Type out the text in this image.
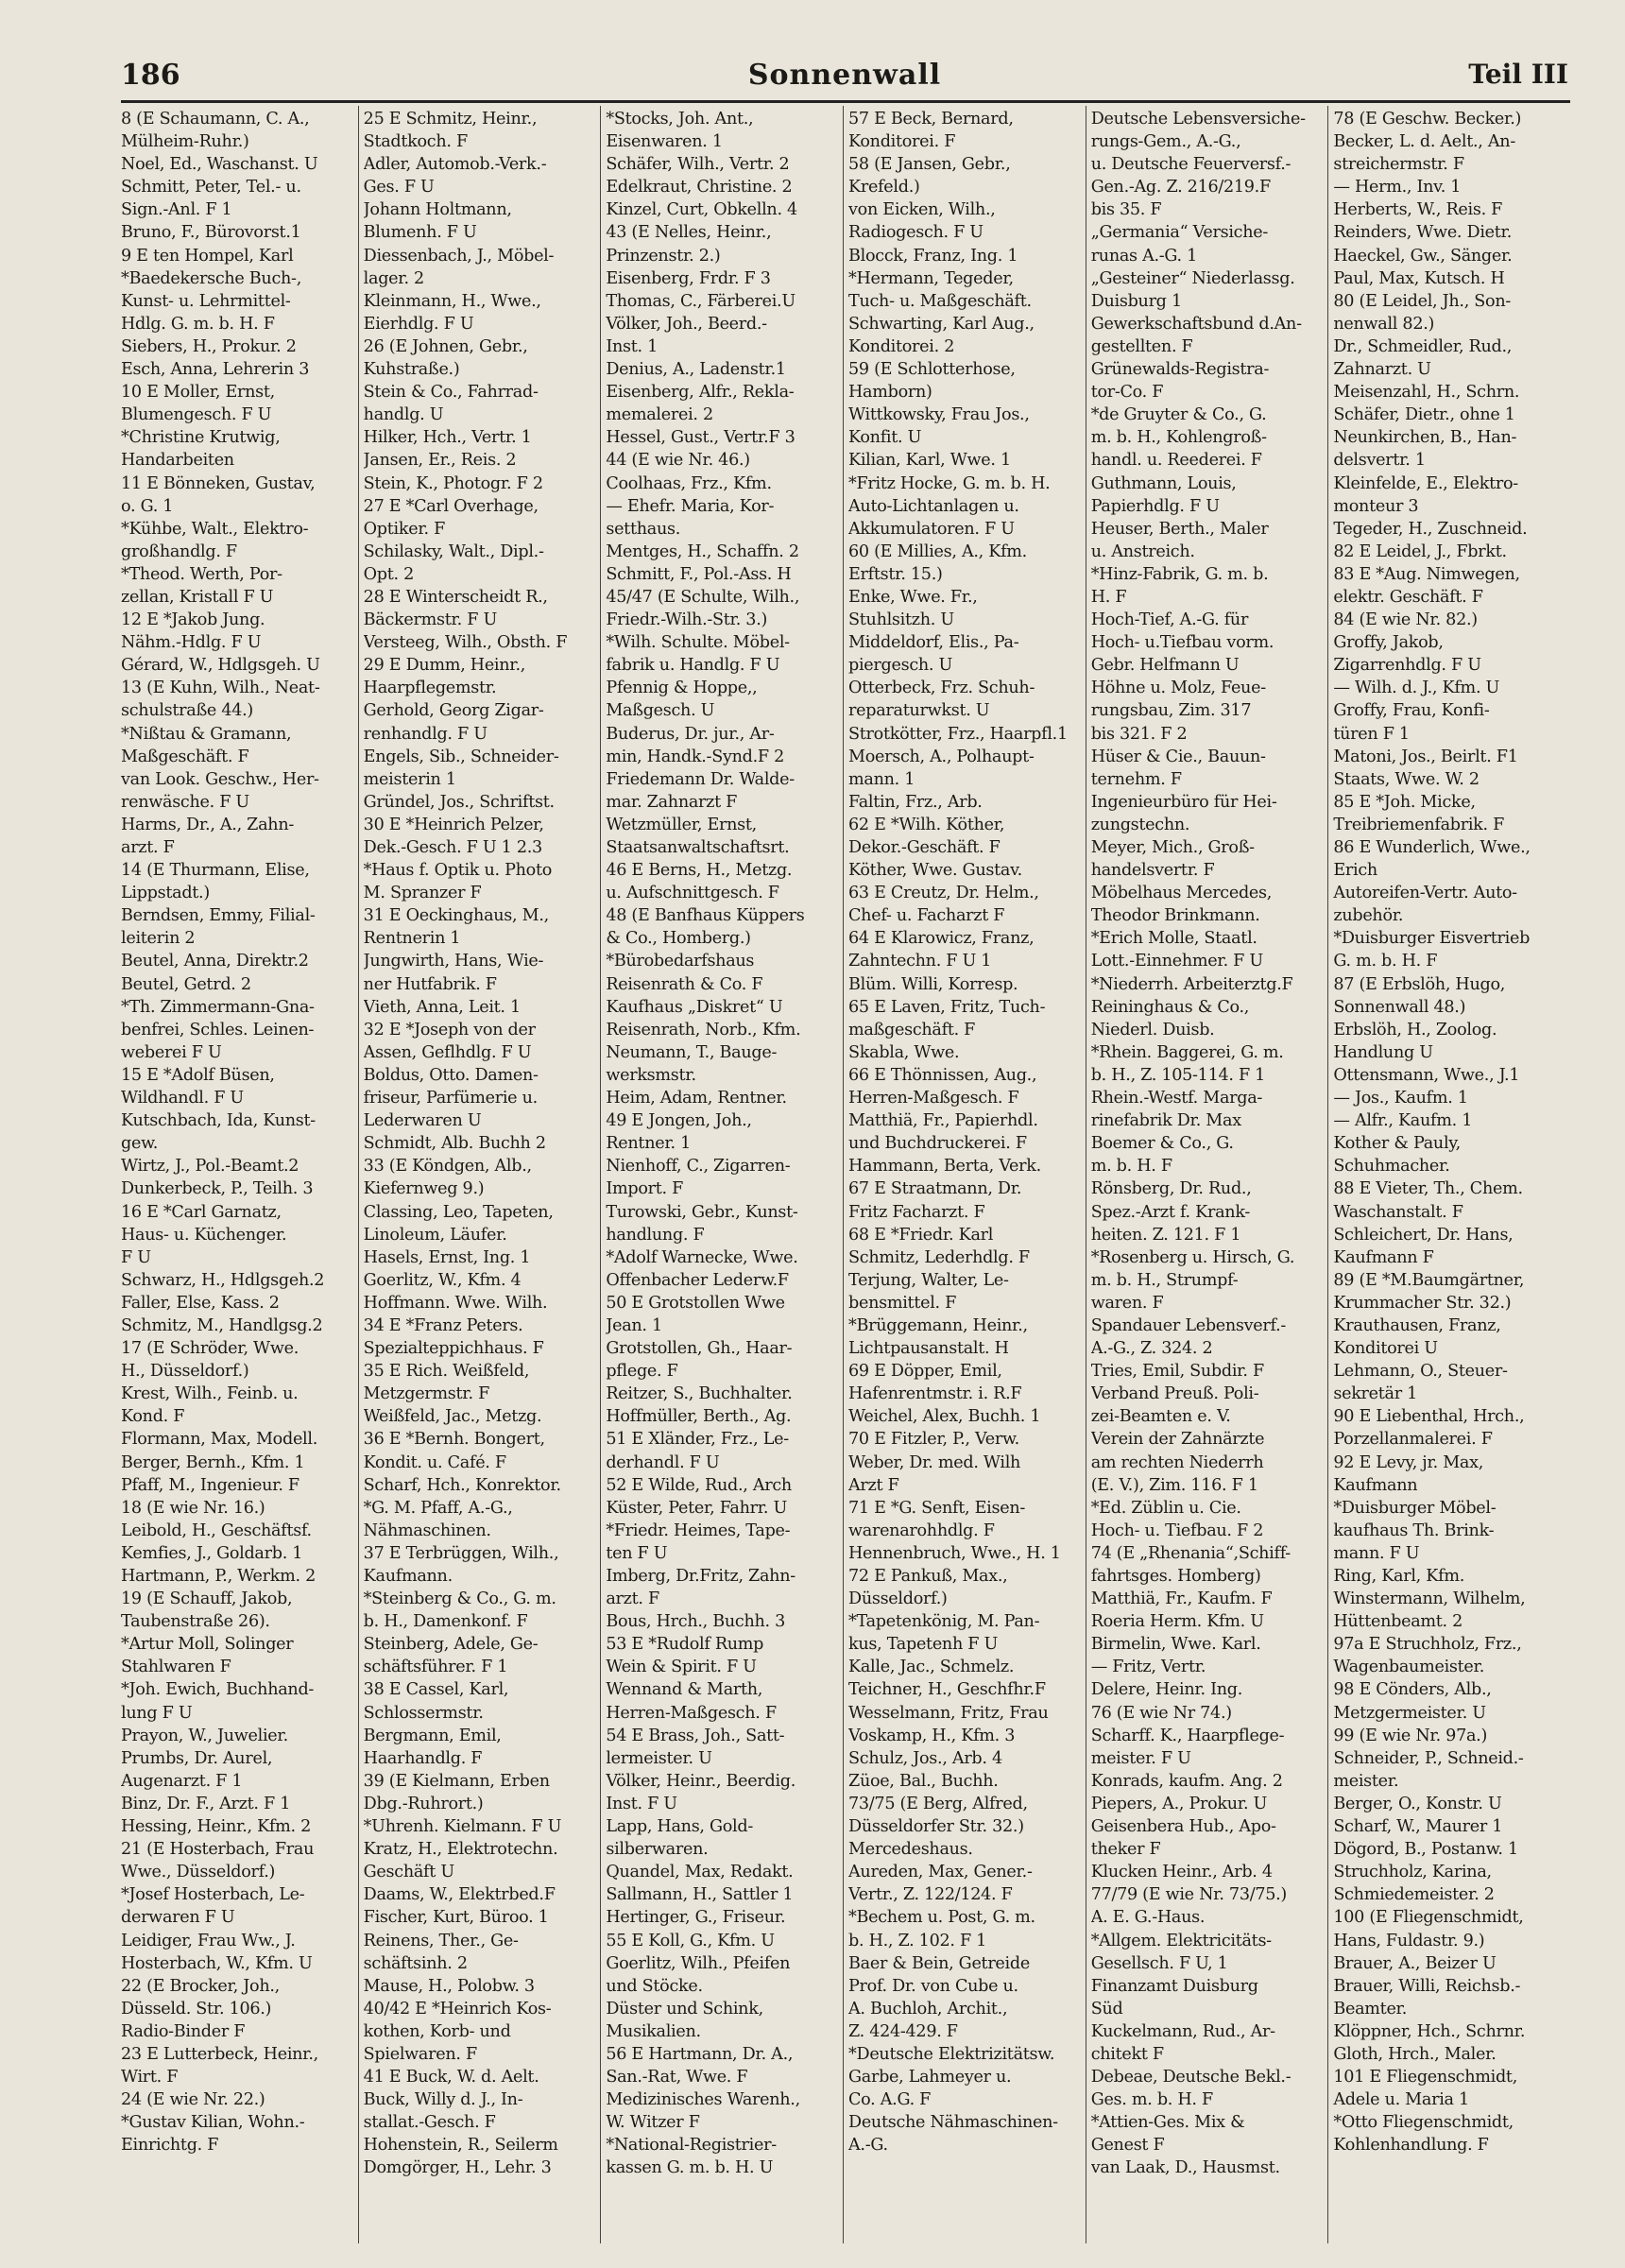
186	Sonnenwall	Teil III
8 (E Schaumann, C. A.,
Mülheim-Ruhr.)
Noel, Ed., Waschanst. U
Schmitt, Peter, Tel.- u.
Sign.-Anl. F 1
Bruno, F., Bürovorst.1
9 E ten Hompel, Karl
*Baedekersche Buch-,
Kunst- u. Lehrmittel-
Hdlg. G. m. b. H. F
Siebers, H., Prokur. 2
Esch, Anna, Lehrerin 3
10 E Moller, Ernst,
Blumengesch. F U
*Christine Krutwig,
Handarbeiten
11 E Bönneken, Gustav,
o. G. 1
*Kühbe, Walt., Elektro-
großhandlg. F
*Theod. Werth, Por-
zellan, Kristall F U
12 E *Jakob Jung.
Nähm.-Hdlg. F U
Gérard, W., Hdlgsgeh. U
13 (E Kuhn, Wilh., Neat-
schulstraße 44.)
*Nißtau & Gramann,
Maßgeschäft. F
van Look. Geschw., Her-
renwäsche. F U
Harms, Dr., A., Zahn-
arzt. F
14 (E Thurmann, Elise,
Lippstadt.)
Berndsen, Emmy, Filial-
leiterin 2
Beutel, Anna, Direktr.2
Beutel, Getrd. 2
*Th. Zimmermann-Gna-
benfrei, Schles. Leinen-
weberei F U
15 E *Adolf Büsen,
Wildhandl. F U
Kutschbach, Ida, Kunst-
gew.
Wirtz, J., Pol.-Beamt.2
Dunkerbeck, P., Teilh. 3
16 E *Carl Garnatz,
Haus- u. Küchenger.
F U
Schwarz, H., Hdlgsgeh.2
Faller, Else, Kass. 2
Schmitz, M., Handlgsg.2
17 (E Schröder, Wwe.
H., Düsseldorf.)
Krest, Wilh., Feinb. u.
Kond. F
Flormann, Max, Modell.
Berger, Bernh., Kfm. 1
Pfaff, M., Ingenieur. F
18 (E wie Nr. 16.)
Leibold, H., Geschäftsf.
Kemfies, J., Goldarb. 1
Hartmann, P., Werkm. 2
19 (E Schauff, Jakob,
Taubenstraße 26).
*Artur Moll, Solinger
Stahlwaren F
*Joh. Ewich, Buchhand-
lung F U
Prayon, W., Juwelier.
Prumbs, Dr. Aurel,
Augenarzt. F 1
Binz, Dr. F., Arzt. F 1
Hessing, Heinr., Kfm. 2
21 (E Hosterbach, Frau
Wwe., Düsseldorf.)
*Josef Hosterbach, Le-
derwaren F U
Leidiger, Frau Ww., J.
Hosterbach, W., Kfm. U
22 (E Brocker, Joh.,
Düsseld. Str. 106.)
Radio-Binder F
23 E Lutterbeck, Heinr.,
Wirt. F
24 (E wie Nr. 22.)
*Gustav Kilian, Wohn.-
Einrichtg. F
25 E Schmitz, Heinr.,
Stadtkoch. F
Adler, Automob.-Verk.-
Ges. F U
Johann Holtmann,
Blumenh. F U
Diessenbach, J., Möbel-
lager. 2
Kleinmann, H., Wwe.,
Eierhdlg. F U
26 (E Johnen, Gebr.,
Kuhstraße.)
Stein & Co., Fahrrad-
handlg. U
Hilker, Hch., Vertr. 1
Jansen, Er., Reis. 2
Stein, K., Photogr. F 2
27 E *Carl Overhage,
Optiker. F
Schilasky, Walt., Dipl.-
Opt. 2
28 E Winterscheidt R.,
Bäckermstr. F U
Versteeg, Wilh., Obsth. F
29 E Dumm, Heinr.,
Haarpflegemstr.
Gerhold, Georg Zigar-
renhandlg. F U
Engels, Sib., Schneider-
meisterin 1
Gründel, Jos., Schriftst.
30 E *Heinrich Pelzer,
Dek.-Gesch. F U 1 2.3
*Haus f. Optik u. Photo
M. Spranzer F
31 E Oeckinghaus, M.,
Rentnerin 1
Jungwirth, Hans, Wie-
ner Hutfabrik. F
Vieth, Anna, Leit. 1
32 E *Joseph von der
Assen, Geflhdlg. F U
Boldus, Otto. Damen-
friseur, Parfümerie u.
Lederwaren U
Schmidt, Alb. Buchh 2
33 (E Köndgen, Alb.,
Kiefernweg 9.)
Classing, Leo, Tapeten,
Linoleum, Läufer.
Hasels, Ernst, Ing. 1
Goerlitz, W., Kfm. 4
Hoffmann. Wwe. Wilh.
34 E *Franz Peters.
Spezialteppichhaus. F
35 E Rich. Weißfeld,
Metzgermstr. F
Weißfeld, Jac., Metzg.
36 E *Bernh. Bongert,
Kondit. u. Café. F
Scharf, Hch., Konrektor.
*G. M. Pfaff, A.-G.,
Nähmaschinen.
37 E Terbrüggen, Wilh.,
Kaufmann.
*Steinberg & Co., G. m.
b. H., Damenkonf. F
Steinberg, Adele, Ge-
schäftsführer. F 1
38 E Cassel, Karl,
Schlossermstr.
Bergmann, Emil,
Haarhandlg. F
39 (E Kielmann, Erben
Dbg.-Ruhrort.)
*Uhrenh. Kielmann. F U
Kratz, H., Elektrotechn.
Geschäft U
Daams, W., Elektrbed.F
Fischer, Kurt, Büroo. 1
Reinens, Ther., Ge-
schäftsinh. 2
Mause, H., Polobw. 3
40/42 E *Heinrich Kos-
kothen, Korb- und
Spielwaren. F
41 E Buck, W. d. Aelt.
Buck, Willy d. J., In-
stallat.-Gesch. F
Hohenstein, R., Seilerm
Domgörger, H., Lehr. 3
*Stocks, Joh. Ant.,
Eisenwaren. 1
Schäfer, Wilh., Vertr. 2
Edelkraut, Christine. 2
Kinzel, Curt, Obkelln. 4
43 (E Nelles, Heinr.,
Prinzenstr. 2.)
Eisenberg, Frdr. F 3
Thomas, C., Färberei.U
Völker, Joh., Beerd.-
Inst. 1
Denius, A., Ladenstr.1
Eisenberg, Alfr., Rekla-
memalerei. 2
Hessel, Gust., Vertr.F 3
44 (E wie Nr. 46.)
Coolhaas, Frz., Kfm.
— Ehefr. Maria, Kor-
setthaus.
Mentges, H., Schaffn. 2
Schmitt, F., Pol.-Ass. H
45/47 (E Schulte, Wilh.,
Friedr.-Wilh.-Str. 3.)
*Wilh. Schulte. Möbel-
fabrik u. Handlg. F U
Pfennig & Hoppe,,
Maßgesch. U
Buderus, Dr. jur., Ar-
min, Handk.-Synd.F 2
Friedemann Dr. Walde-
mar. Zahnarzt F
Wetzmüller, Ernst,
Staatsanwaltschaftsrt.
46 E Berns, H., Metzg.
u. Aufschnittgesch. F
48 (E Banfhaus Küppers
& Co., Homberg.)
*Bürobedarfshaus
Reisenrath & Co. F
Kaufhaus „Diskret“ U
Reisenrath, Norb., Kfm.
Neumann, T., Bauge-
werksmstr.
Heim, Adam, Rentner.
49 E Jongen, Joh.,
Rentner. 1
Nienhoff, C., Zigarren-
Import. F
Turowski, Gebr., Kunst-
handlung. F
*Adolf Warnecke, Wwe.
Offenbacher Lederw.F
50 E Grotstollen Wwe
Jean. 1
Grotstollen, Gh., Haar-
pflege. F
Reitzer, S., Buchhalter.
Hoffmüller, Berth., Ag.
51 E Xländer, Frz., Le-
derhandl. F U
52 E Wilde, Rud., Arch
Küster, Peter, Fahrr. U
*Friedr. Heimes, Tape-
ten F U
Imberg, Dr.Fritz, Zahn-
arzt. F
Bous, Hrch., Buchh. 3
53 E *Rudolf Rump
Wein & Spirit. F U
Wennand & Marth,
Herren-Maßgesch. F
54 E Brass, Joh., Satt-
lermeister. U
Völker, Heinr., Beerdig.
Inst. F U
Lapp, Hans, Gold-
silberwaren.
Quandel, Max, Redakt.
Sallmann, H., Sattler 1
Hertinger, G., Friseur.
55 E Koll, G., Kfm. U
Goerlitz, Wilh., Pfeifen
und Stöcke.
Düster und Schink,
Musikalien.
56 E Hartmann, Dr. A.,
San.-Rat, Wwe. F
Medizinisches Warenh.,
W. Witzer F
*National-Registrier-
kassen G. m. b. H. U
57 E Beck, Bernard,
Konditorei. F
58 (E Jansen, Gebr.,
Krefeld.)
von Eicken, Wilh.,
Radiogesch. F U
Blocck, Franz, Ing. 1
*Hermann, Tegeder,
Tuch- u. Maßgeschäft.
Schwarting, Karl Aug.,
Konditorei. 2
59 (E Schlotterhose,
Hamborn)
Wittkowsky, Frau Jos.,
Konfit. U
Kilian, Karl, Wwe. 1
*Fritz Hocke, G. m. b. H.
Auto-Lichtanlagen u.
Akkumulatoren. F U
60 (E Millies, A., Kfm.
Erftstr. 15.)
Enke, Wwe. Fr.,
Stuhlsitzh. U
Middeldorf, Elis., Pa-
piergesch. U
Otterbeck, Frz. Schuh-
reparaturwkst. U
Strotkötter, Frz., Haarpfl.1
Moersch, A., Polhaupt-
mann. 1
Faltin, Frz., Arb.
62 E *Wilh. Köther,
Dekor.-Geschäft. F
Köther, Wwe. Gustav.
63 E Creutz, Dr. Helm.,
Chef- u. Facharzt F
64 E Klarowicz, Franz,
Zahntechn. F U 1
Blüm. Willi, Korresp.
65 E Laven, Fritz, Tuch-
maßgeschäft. F
Skabla, Wwe.
66 E Thönnissen, Aug.,
Herren-Maßgesch. F
Matthiä, Fr., Papierhdl.
und Buchdruckerei. F
Hammann, Berta, Verk.
67 E Straatmann, Dr.
Fritz Facharzt. F
68 E *Friedr. Karl
Schmitz, Lederhdlg. F
Terjung, Walter, Le-
bensmittel. F
*Brüggemann, Heinr.,
Lichtpausanstalt. H
69 E Döpper, Emil,
Hafenrentmstr. i. R.F
Weichel, Alex, Buchh. 1
70 E Fitzler, P., Verw.
Weber, Dr. med. Wilh
Arzt F
71 E *G. Senft, Eisen-
warenarohhdlg. F
Hennenbruch, Wwe., H. 1
72 E Pankuß, Max.,
Düsseldorf.)
*Tapetenkönig, M. Pan-
kus, Tapetenh F U
Kalle, Jac., Schmelz.
Teichner, H., Geschfhr.F
Wesselmann, Fritz, Frau
Voskamp, H., Kfm. 3
Schulz, Jos., Arb. 4
Züoe, Bal., Buchh.
73/75 (E Berg, Alfred,
Düsseldorfer Str. 32.)
Mercedeshaus.
Aureden, Max, Gener.-
Vertr., Z. 122/124. F
*Bechem u. Post, G. m.
b. H., Z. 102. F 1
Baer & Bein, Getreide
Prof. Dr. von Cube u.
A. Buchloh, Archit.,
Z. 424-429. F
*Deutsche Elektrizitätsw.
Garbe, Lahmeyer u.
Co. A.G. F
Deutsche Nähmaschinen-
A.-G.
Deutsche Lebensversiche-
rungs-Gem., A.-G.,
u. Deutsche Feuerversf.-
Gen.-Ag. Z. 216/219.F
bis 35. F
„Germania“ Versiche-
runas A.-G. 1
„Gesteiner“ Niederlassg.
Duisburg 1
Gewerkschaftsbund d.An-
gestellten. F
Grünewalds-Registra-
tor-Co. F
*de Gruyter & Co., G.
m. b. H., Kohlengroß-
handl. u. Reederei. F
Guthmann, Louis,
Papierhdlg. F U
Heuser, Berth., Maler
u. Anstreich.
*Hinz-Fabrik, G. m. b.
H. F
Hoch-Tief, A.-G. für
Hoch- u.Tiefbau vorm.
Gebr. Helfmann U
Höhne u. Molz, Feue-
rungsbau, Zim. 317
bis 321. F 2
Hüser & Cie., Bauun-
ternehm. F
Ingenieurbüro für Hei-
zungstechn.
Meyer, Mich., Groß-
handelsvertr. F
Möbelhaus Mercedes,
Theodor Brinkmann.
*Erich Molle, Staatl.
Lott.-Einnehmer. F U
*Niederrh. Arbeiterztg.F
Reininghaus & Co.,
Niederl. Duisb.
*Rhein. Baggerei, G. m.
b. H., Z. 105-114. F 1
Rhein.-Westf. Marga-
rinefabrik Dr. Max
Boemer & Co., G.
m. b. H. F
Rönsberg, Dr. Rud.,
Spez.-Arzt f. Krank-
heiten. Z. 121. F 1
*Rosenberg u. Hirsch, G.
m. b. H., Strumpf-
waren. F
Spandauer Lebensverf.-
A.-G., Z. 324. 2
Tries, Emil, Subdir. F
Verband Preuß. Poli-
zei-Beamten e. V.
Verein der Zahnärzte
am rechten Niederrh
(E. V.), Zim. 116. F 1
*Ed. Züblin u. Cie.
Hoch- u. Tiefbau. F 2
74 (E „Rhenania“,Schiff-
fahrtsges. Homberg)
Matthiä, Fr., Kaufm. F
Roeria Herm. Kfm. U
Birmelin, Wwe. Karl.
— Fritz, Vertr.
Delere, Heinr. Ing.
76 (E wie Nr 74.)
Scharff. K., Haarpflege-
meister. F U
Konrads, kaufm. Ang. 2
Piepers, A., Prokur. U
Geisenbera Hub., Apo-
theker F
Klucken Heinr., Arb. 4
77/79 (E wie Nr. 73/75.)
A. E. G.-Haus.
*Allgem. Elektricitäts-
Gesellsch. F U, 1
Finanzamt Duisburg
Süd
Kuckelmann, Rud., Ar-
chitekt F
Debeae, Deutsche Bekl.-
Ges. m. b. H. F
*Attien-Ges. Mix &
Genest F
van Laak, D., Hausmst.
78 (E Geschw. Becker.)
Becker, L. d. Aelt., An-
streichermstr. F
— Herm., Inv. 1
Herberts, W., Reis. F
Reinders, Wwe. Dietr.
Haeckel, Gw., Sänger.
Paul, Max, Kutsch. H
80 (E Leidel, Jh., Son-
nenwall 82.)
Dr., Schmeidler, Rud.,
Zahnarzt. U
Meisenzahl, H., Schrn.
Schäfer, Dietr., ohne 1
Neunkirchen, B., Han-
delsvertr. 1
Kleinfelde, E., Elektro-
monteur 3
Tegeder, H., Zuschneid.
82 E Leidel, J., Fbrkt.
83 E *Aug. Nimwegen,
elektr. Geschäft. F
84 (E wie Nr. 82.)
Groffy, Jakob,
Zigarrenhdlg. F U
— Wilh. d. J., Kfm. U
Groffy, Frau, Konfi-
türen F 1
Matoni, Jos., Beirlt. F1
Staats, Wwe. W. 2
85 E *Joh. Micke,
Treibriemenfabrik. F
86 E Wunderlich, Wwe.,
Erich
Autoreifen-Vertr. Auto-
zubehör.
*Duisburger Eisvertrieb
G. m. b. H. F
87 (E Erbslöh, Hugo,
Sonnenwall 48.)
Erbslöh, H., Zoolog.
Handlung U
Ottensmann, Wwe., J.1
— Jos., Kaufm. 1
— Alfr., Kaufm. 1
Kother & Pauly,
Schuhmacher.
88 E Vieter, Th., Chem.
Waschanstalt. F
Schleichert, Dr. Hans,
Kaufmann F
89 (E *M.Baumgärtner,
Krummacher Str. 32.)
Krauthausen, Franz,
Konditorei U
Lehmann, O., Steuer-
sekretär 1
90 E Liebenthal, Hrch.,
Porzellanmalerei. F
92 E Levy, jr. Max,
Kaufmann
*Duisburger Möbel-
kaufhaus Th. Brink-
mann. F U
Ring, Karl, Kfm.
Winstermann, Wilhelm,
Hüttenbeamt. 2
97a E Struchholz, Frz.,
Wagenbaumeister.
98 E Cönders, Alb.,
Metzgermeister. U
99 (E wie Nr. 97a.)
Schneider, P., Schneid.-
meister.
Berger, O., Konstr. U
Scharf, W., Maurer 1
Dögord, B., Postanw. 1
Struchholz, Karina,
Schmiedemeister. 2
100 (E Fliegenschmidt,
Hans, Fuldastr. 9.)
Brauer, A., Beizer U
Brauer, Willi, Reichsb.-
Beamter.
Klöppner, Hch., Schrnr.
Gloth, Hrch., Maler.
101 E Fliegenschmidt,
Adele u. Maria 1
*Otto Fliegenschmidt,
Kohlenhandlung. F
